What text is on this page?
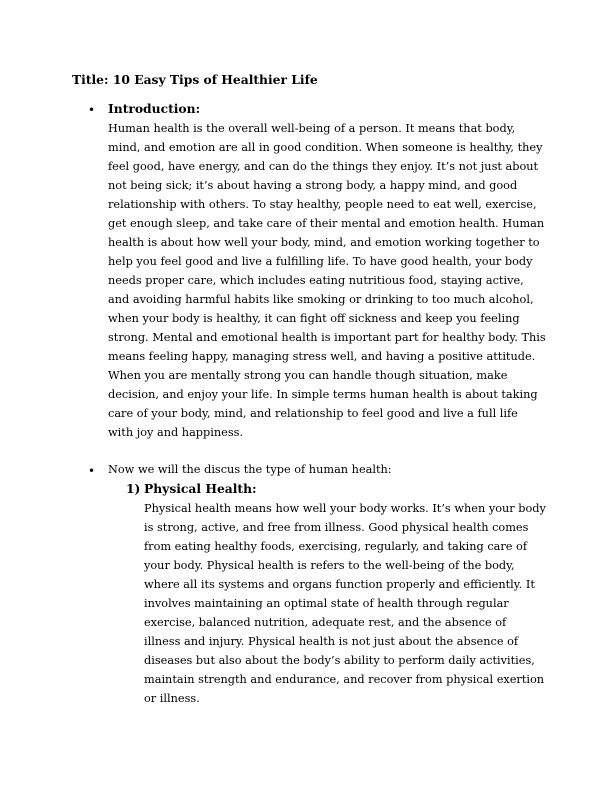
Title: 10 Easy Tips of Healthier Life
• Introduction:

Human health is the overall well-being of a person. It means that body, mind, and emotion are all in good condition. When someone is healthy, they feel good, have energy, and can do the things they enjoy. It’s not just about not being sick; it’s about having a strong body, a happy mind, and good relationship with others. To stay healthy, people need to eat well, exercise, get enough sleep, and take care of their mental and emotion health. Human health is about how well your body, mind, and emotion working together to help you feel good and live a fulfilling life. To have good health, your body needs proper care, which includes eating nutritious food, staying active, and avoiding harmful habits like smoking or drinking to too much alcohol, when your body is healthy, it can fight off sickness and keep you feeling strong. Mental and emotional health is important part for healthy body. This means feeling happy, managing stress well, and having a positive attitude. When you are mentally strong you can handle though situation, make decision, and enjoy your life. In simple terms human health is about taking care of your body, mind, and relationship to feel good and live a full life with joy and happiness.

• Now we will the discus the type of human health:
1) Physical Health:

Physical health means how well your body works. It’s when your body is strong, active, and free from illness. Good physical health comes from eating healthy foods, exercising, regularly, and taking care of your body. Physical health is refers to the well-being of the body, where all its systems and organs function properly and efficiently. It involves maintaining an optimal state of health through regular exercise, balanced nutrition, adequate rest, and the absence of illness and injury. Physical health is not just about the absence of diseases but also about the body’s ability to perform daily activities, maintain strength and endurance, and recover from physical exertion or illness.
